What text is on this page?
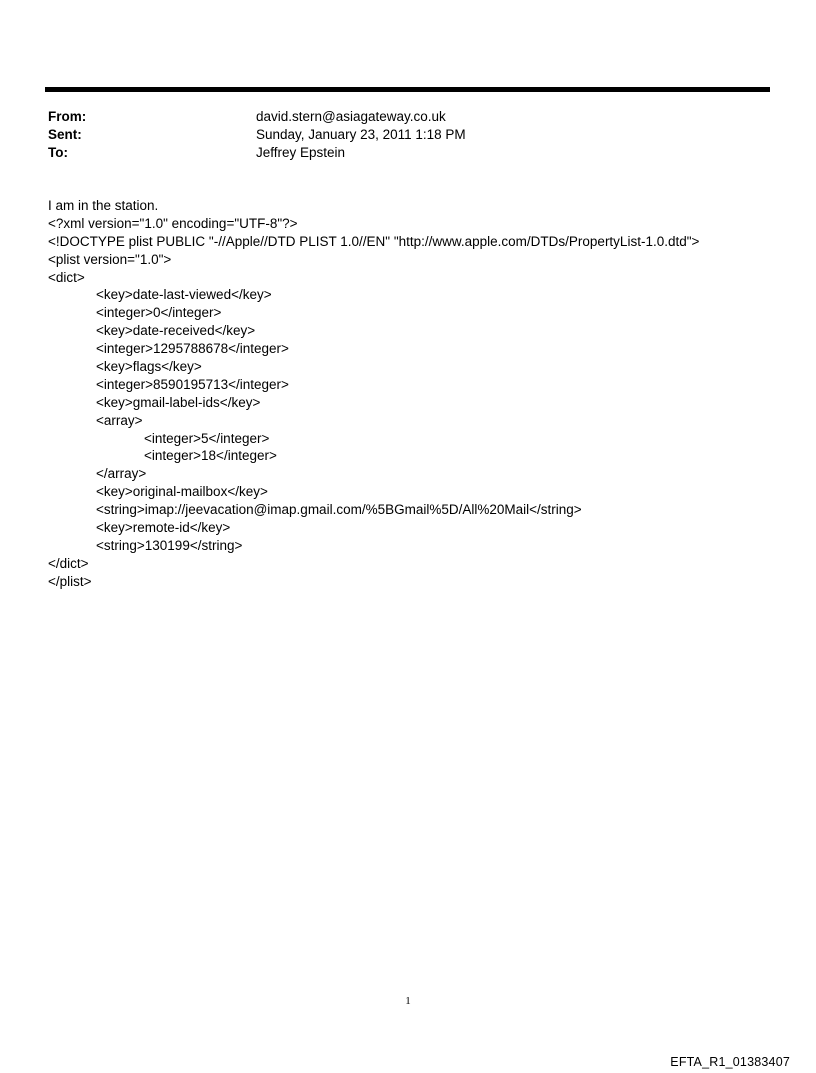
From:	david.stern@asiagateway.co.uk
Sent:	Sunday, January 23, 2011 1:18 PM
To:	Jeffrey Epstein
I am in the station.
<?xml version="1.0" encoding="UTF-8"?>
<!DOCTYPE plist PUBLIC "-//Apple//DTD PLIST 1.0//EN" "http://www.apple.com/DTDs/PropertyList-1.0.dtd">
<plist version="1.0">
<dict>
<key>date-last-viewed</key>
<integer>0</integer>
<key>date-received</key>
<integer>1295788678</integer>
<key>flags</key>
<integer>8590195713</integer>
<key>gmail-label-ids</key>
<array>
<integer>5</integer>
<integer>18</integer>
</array>
<key>original-mailbox</key>
<string>imap://jeevacation@imap.gmail.com/%5BGmail%5D/All%20Mail</string>
<key>remote-id</key>
<string>130199</string>
</dict>
</plist>
1
EFTA_R1_01383407
